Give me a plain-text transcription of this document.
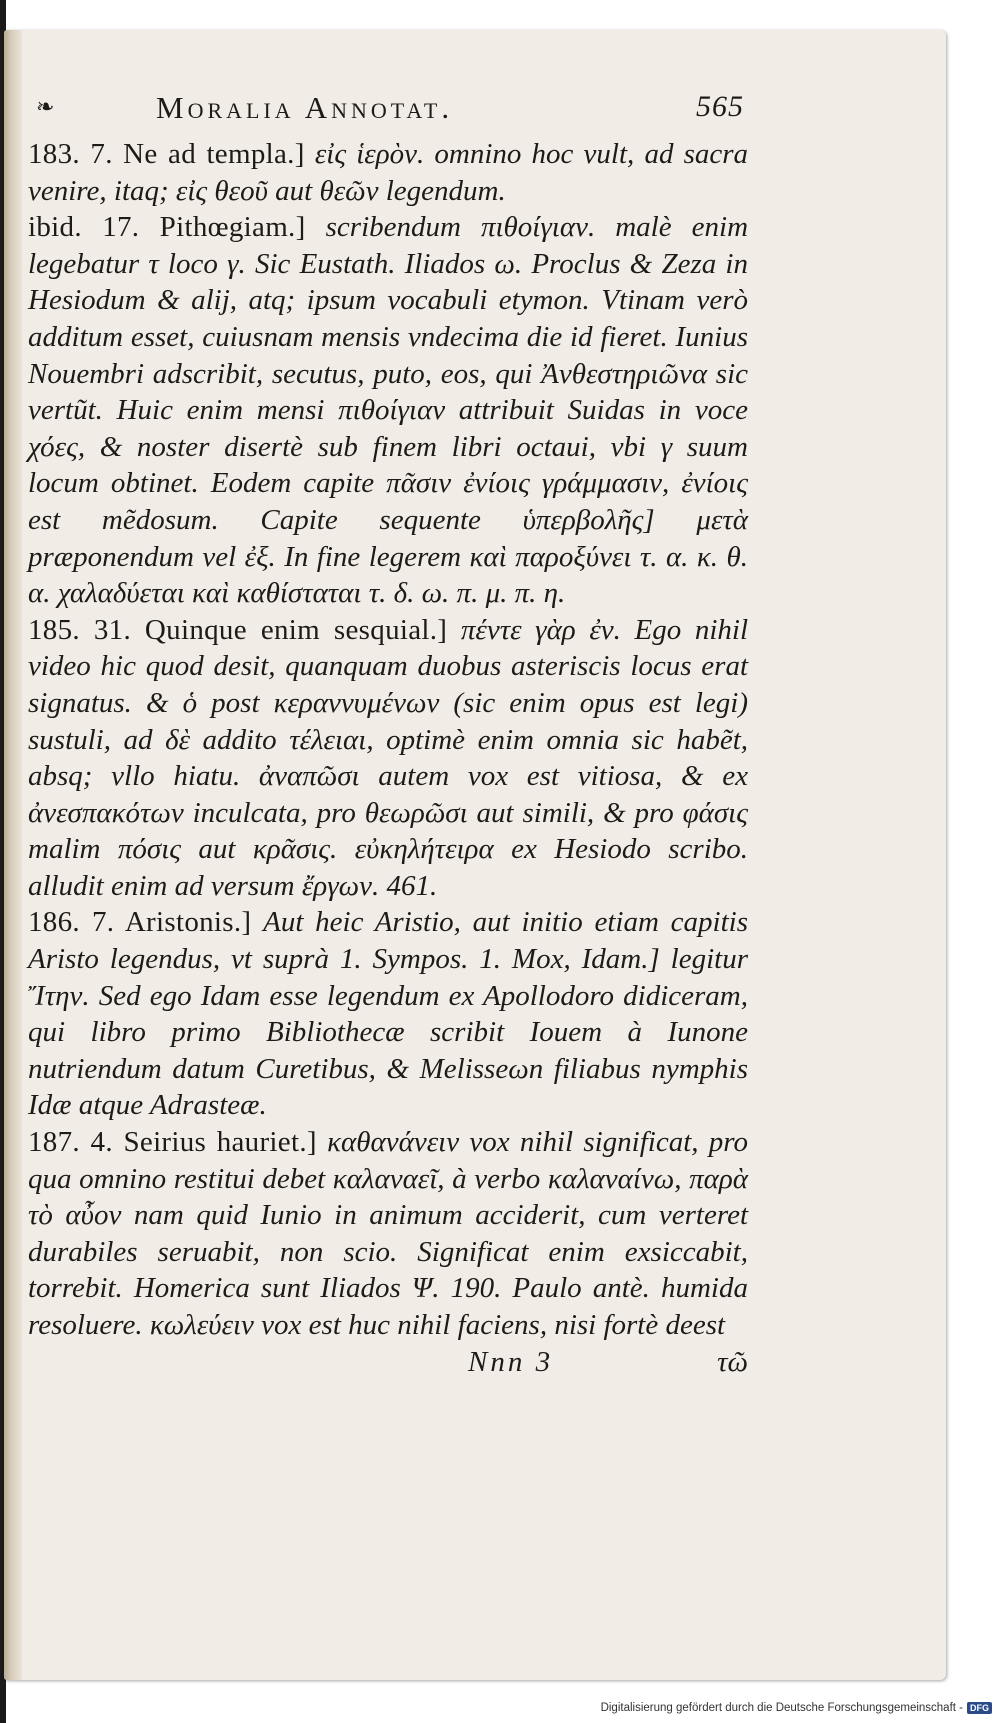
❧	Moralia Annotat.	565

183. 7. Ne ad templa.] εἰς ἱερὸν. omnino hoc vult, ad sacra venire, itaq; εἰς θεοῦ aut θεῶν legendum.

ibid. 17. Pithœgiam.] scribendum πιθοίγιαν. malè enim legebatur τ loco γ. Sic Eustath. Iliados ω. Proclus & Zeza in Hesiodum & alij, atq; ipsum vocabuli etymon. Vtinam verò additum esset, cuiusnam mensis vndecima die id fieret. Iunius Nouembri adscribit, secutus, puto, eos, qui Ἀνθεστηριῶνα sic vertũt. Huic enim mensi πιθοίγιαν attribuit Suidas in voce χόες, & noster disertè sub finem libri octaui, vbi γ suum locum obtinet. Eodem capite πᾶσιν ἐνίοις γράμμασιν, ἐνίοις est mẽdosum. Capite sequente ὑπερβολῆς] μετὰ præponendum vel ἐξ. In fine legerem καὶ παροξύνει τ. α. κ. θ. α. χαλαδύεται καὶ καθίσταται τ. δ. ω. π. μ. π. η.

185. 31. Quinque enim sesquial.] πέντε γὰρ ἐν. Ego nihil video hic quod desit, quanquam duobus asteriscis locus erat signatus. & ὁ post κεραννυμένων (sic enim opus est legi) sustuli, ad δὲ addito τέλειαι, optimè enim omnia sic habẽt, absq; vllo hiatu. ἀναπῶσι autem vox est vitiosa, & ex ἀνεσπακότων inculcata, pro θεωρῶσι aut simili, & pro φάσις malim πόσις aut κρᾶσις. εὐκηλήτειρα ex Hesiodo scribo. alludit enim ad versum ἔργων. 461.

186. 7. Aristonis.] Aut heic Aristio, aut initio etiam capitis Aristo legendus, vt suprà 1. Sympos. 1. Mox, Idam.] legitur Ἴτην. Sed ego Idam esse legendum ex Apollodoro didiceram, qui libro primo Bibliothecæ scribit Iouem à Iunone nutriendum datum Curetibus, & Melisseωn filiabus nymphis Idæ atque Adrasteæ.

187. 4. Seirius hauriet.] καθανάνειν vox nihil significat, pro qua omnino restitui debet καλαναεῖ, à verbo καλαναίνω, παρὰ τὸ αὖον nam quid Iunio in animum acciderit, cum verteret durabiles seruabit, non scio. Significat enim exsiccabit, torrebit. Homerica sunt Iliados Ψ. 190. Paulo antè. humida resoluere. κωλεύειν vox est huc nihil faciens, nisi fortè deest

Nnn 3	τῶ
Digitalisierung gefördert durch die Deutsche Forschungsgemeinschaft - DFG
